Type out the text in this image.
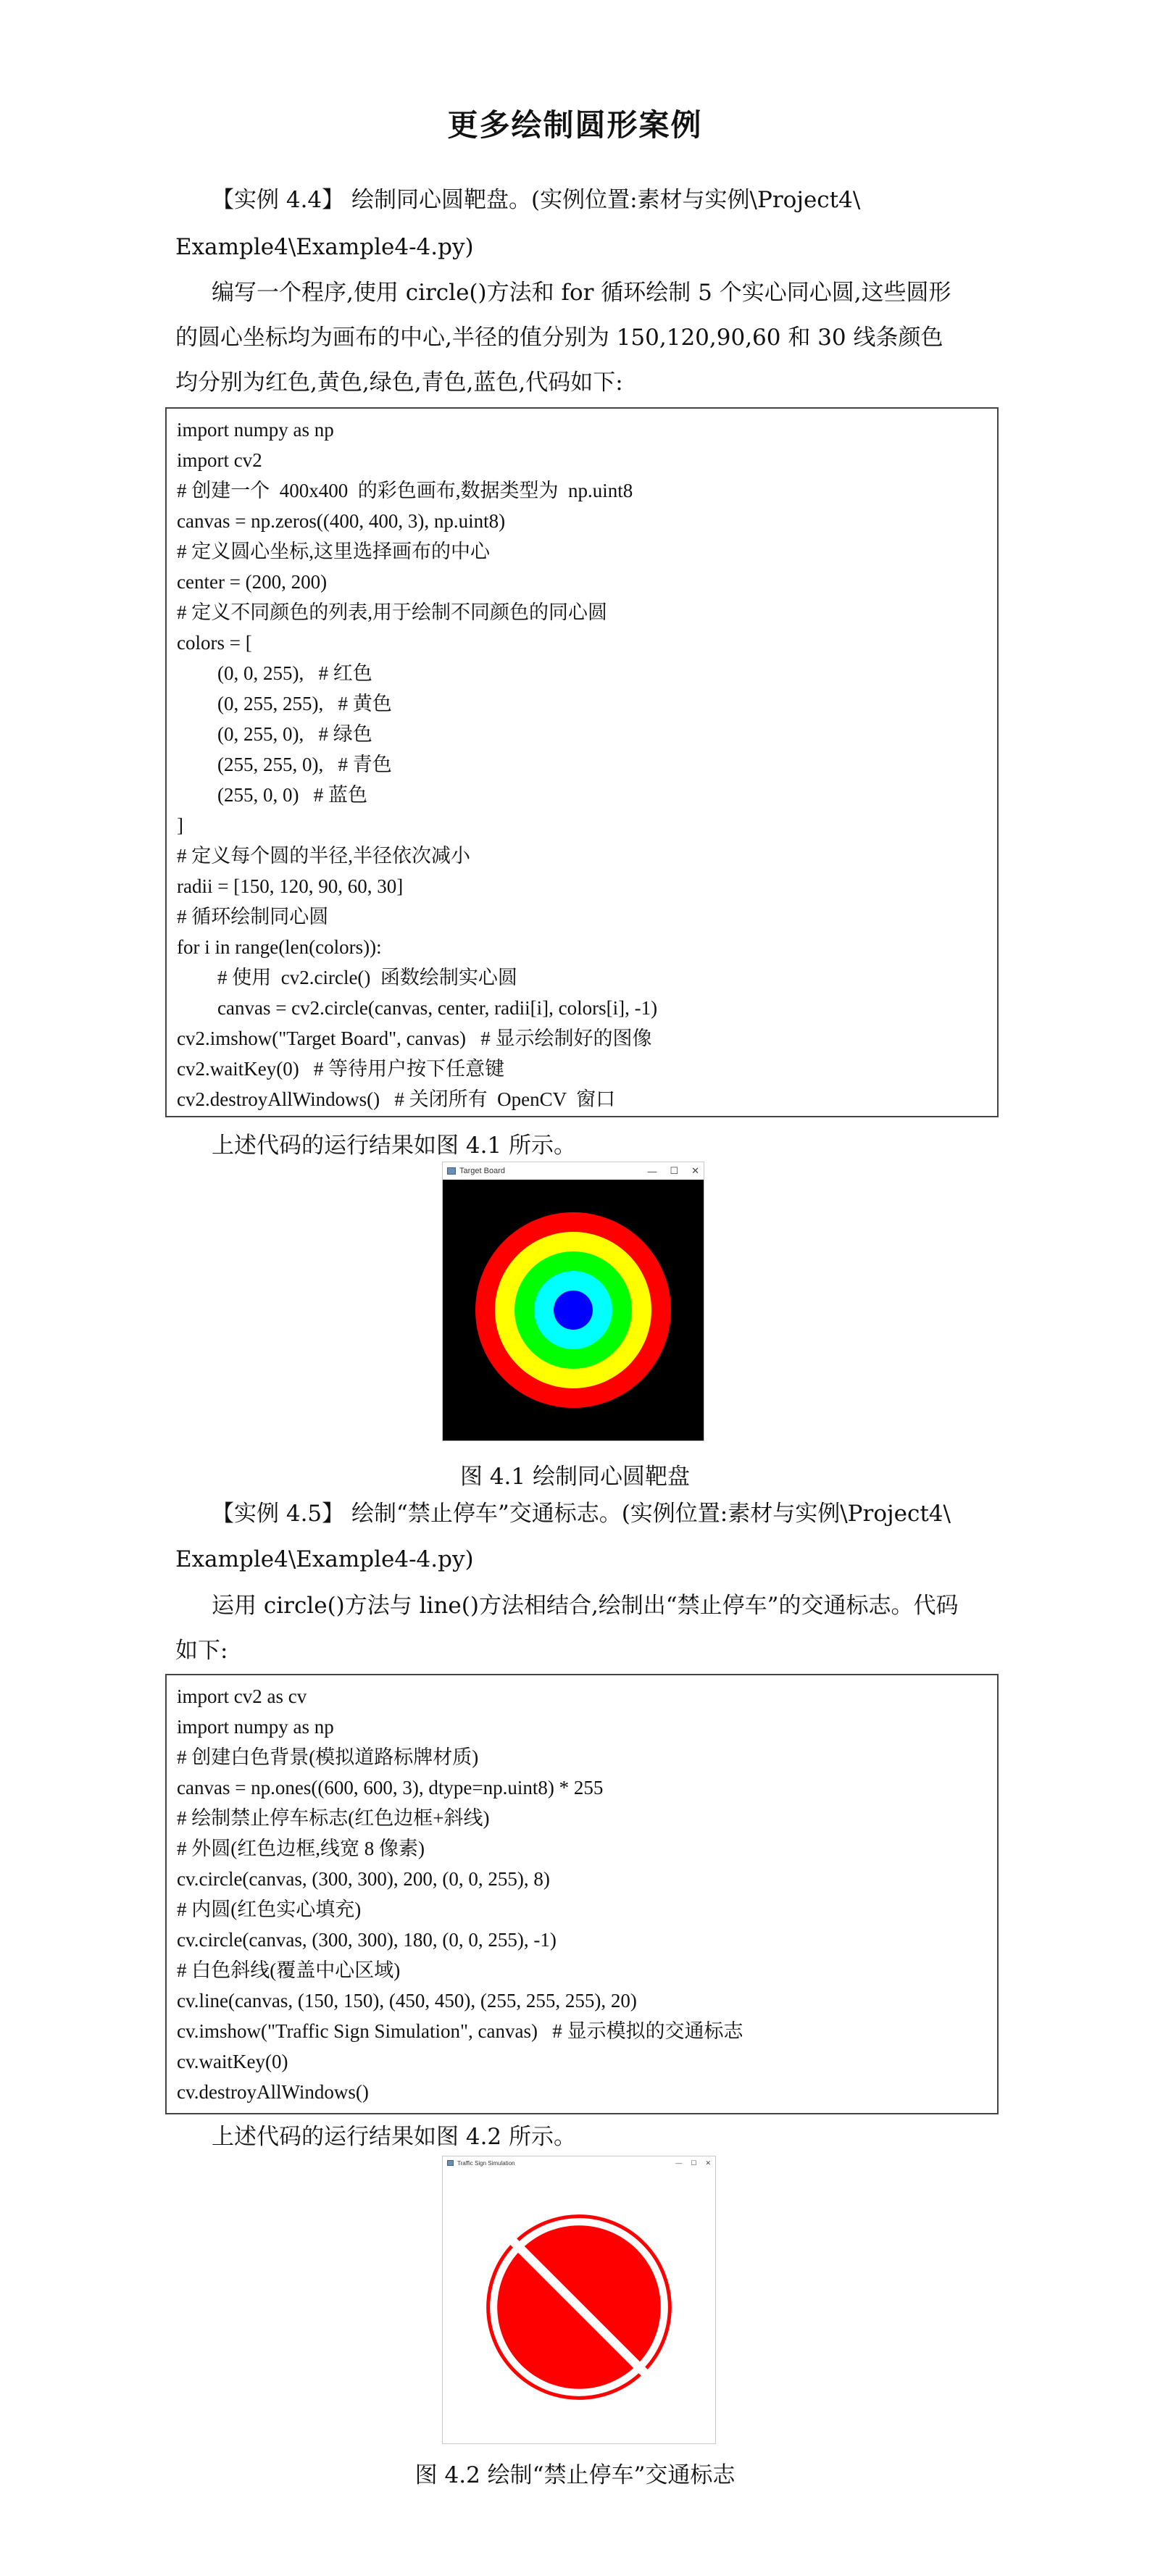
更多绘制圆形案例
【实例 4.4】 绘制同心圆靶盘。(实例位置:素材与实例\Project4\
Example4\Example4-4.py)
编写一个程序,使用 circle()方法和 for 循环绘制 5 个实心同心圆,这些圆形
的圆心坐标均为画布的中心,半径的值分别为 150,120,90,60 和 30 线条颜色
均分别为红色,黄色,绿色,青色,蓝色,代码如下:
import numpy as np
import cv2
# 创建一个  400x400  的彩色画布,数据类型为  np.uint8
canvas = np.zeros((400, 400, 3), np.uint8)
# 定义圆心坐标,这里选择画布的中心
center = (200, 200)
# 定义不同颜色的列表,用于绘制不同颜色的同心圆
colors = [
(0, 0, 255),   # 红色
(0, 255, 255),   # 黄色
(0, 255, 0),   # 绿色
(255, 255, 0),   # 青色
(255, 0, 0)   # 蓝色
]
# 定义每个圆的半径,半径依次减小
radii = [150, 120, 90, 60, 30]
# 循环绘制同心圆
for i in range(len(colors)):
# 使用  cv2.circle()  函数绘制实心圆
canvas = cv2.circle(canvas, center, radii[i], colors[i], -1)
cv2.imshow("Target Board", canvas)   # 显示绘制好的图像
cv2.waitKey(0)   # 等待用户按下任意键
cv2.destroyAllWindows()   # 关闭所有  OpenCV  窗口
上述代码的运行结果如图 4.1 所示。
Target Board	— ☐ ✕
图 4.1 绘制同心圆靶盘
【实例 4.5】 绘制“禁止停车”交通标志。(实例位置:素材与实例\Project4\
Example4\Example4-4.py)
运用 circle()方法与 line()方法相结合,绘制出“禁止停车”的交通标志。代码
如下:
import cv2 as cv
import numpy as np
# 创建白色背景(模拟道路标牌材质)
canvas = np.ones((600, 600, 3), dtype=np.uint8) * 255
# 绘制禁止停车标志(红色边框+斜线)
# 外圆(红色边框,线宽 8 像素)
cv.circle(canvas, (300, 300), 200, (0, 0, 255), 8)
# 内圆(红色实心填充)
cv.circle(canvas, (300, 300), 180, (0, 0, 255), -1)
# 白色斜线(覆盖中心区域)
cv.line(canvas, (150, 150), (450, 450), (255, 255, 255), 20)
cv.imshow("Traffic Sign Simulation", canvas)   # 显示模拟的交通标志
cv.waitKey(0)
cv.destroyAllWindows()
上述代码的运行结果如图 4.2 所示。
Traffic Sign Simulation	— ☐ ✕
图 4.2 绘制“禁止停车”交通标志
